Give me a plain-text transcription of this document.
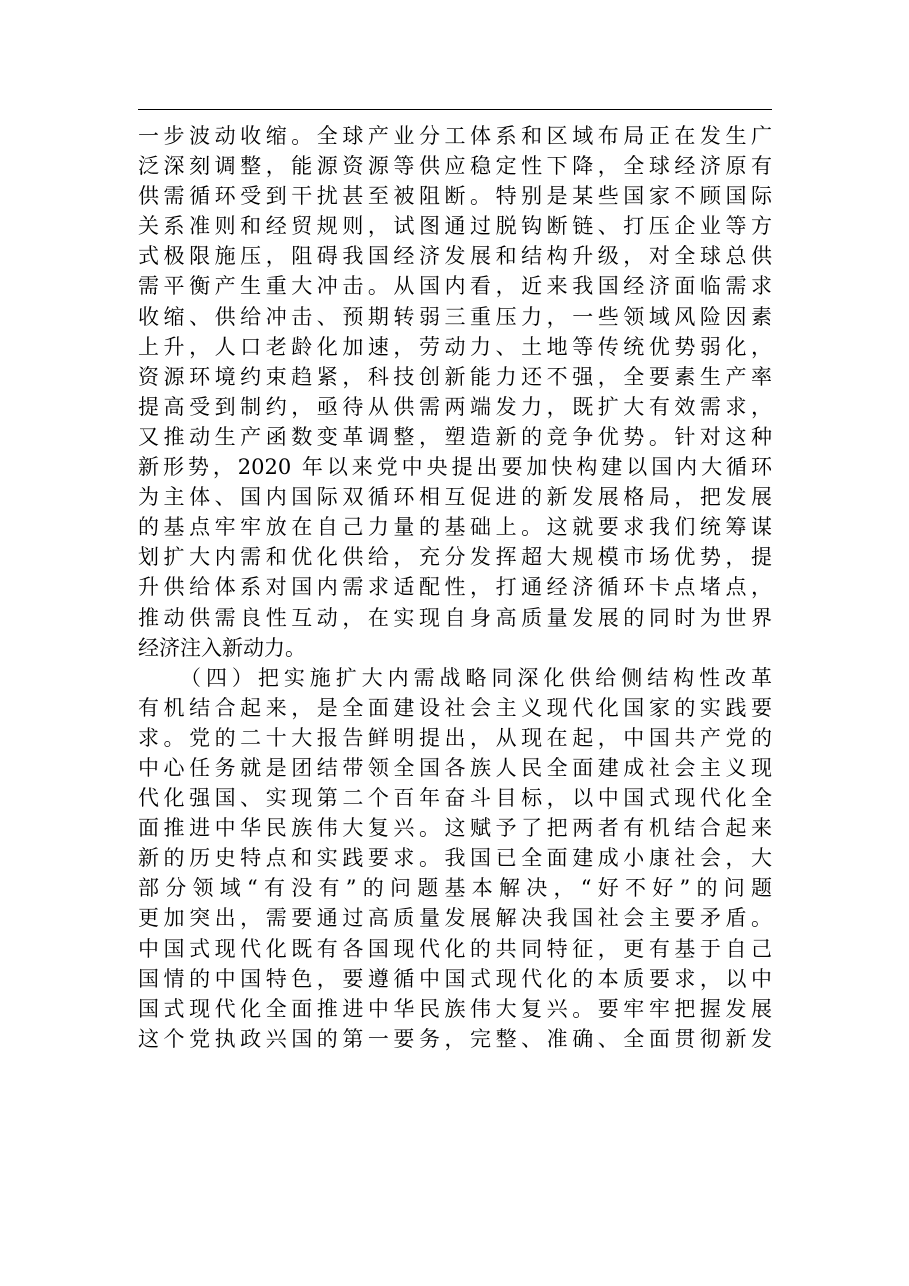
一步波动收缩。全球产业分工体系和区域布局正在发生广
泛深刻调整，能源资源等供应稳定性下降，全球经济原有
供需循环受到干扰甚至被阻断。特别是某些国家不顾国际
关系准则和经贸规则，试图通过脱钩断链、打压企业等方
式极限施压，阻碍我国经济发展和结构升级，对全球总供
需平衡产生重大冲击。从国内看，近来我国经济面临需求
收缩、供给冲击、预期转弱三重压力，一些领域风险因素
上升，人口老龄化加速，劳动力、土地等传统优势弱化，
资源环境约束趋紧，科技创新能力还不强，全要素生产率
提高受到制约，亟待从供需两端发力，既扩大有效需求，
又推动生产函数变革调整，塑造新的竞争优势。针对这种
新形势，2020 年以来党中央提出要加快构建以国内大循环
为主体、国内国际双循环相互促进的新发展格局，把发展
的基点牢牢放在自己力量的基础上。这就要求我们统筹谋
划扩大内需和优化供给，充分发挥超大规模市场优势，提
升供给体系对国内需求适配性，打通经济循环卡点堵点，
推动供需良性互动，在实现自身高质量发展的同时为世界
经济注入新动力。
（四）把实施扩大内需战略同深化供给侧结构性改革
有机结合起来，是全面建设社会主义现代化国家的实践要
求。党的二十大报告鲜明提出，从现在起，中国共产党的
中心任务就是团结带领全国各族人民全面建成社会主义现
代化强国、实现第二个百年奋斗目标，以中国式现代化全
面推进中华民族伟大复兴。这赋予了把两者有机结合起来
新的历史特点和实践要求。我国已全面建成小康社会，大
部分领域“有没有”的问题基本解决，“好不好”的问题
更加突出，需要通过高质量发展解决我国社会主要矛盾。
中国式现代化既有各国现代化的共同特征，更有基于自己
国情的中国特色，要遵循中国式现代化的本质要求，以中
国式现代化全面推进中华民族伟大复兴。要牢牢把握发展
这个党执政兴国的第一要务，完整、准确、全面贯彻新发
